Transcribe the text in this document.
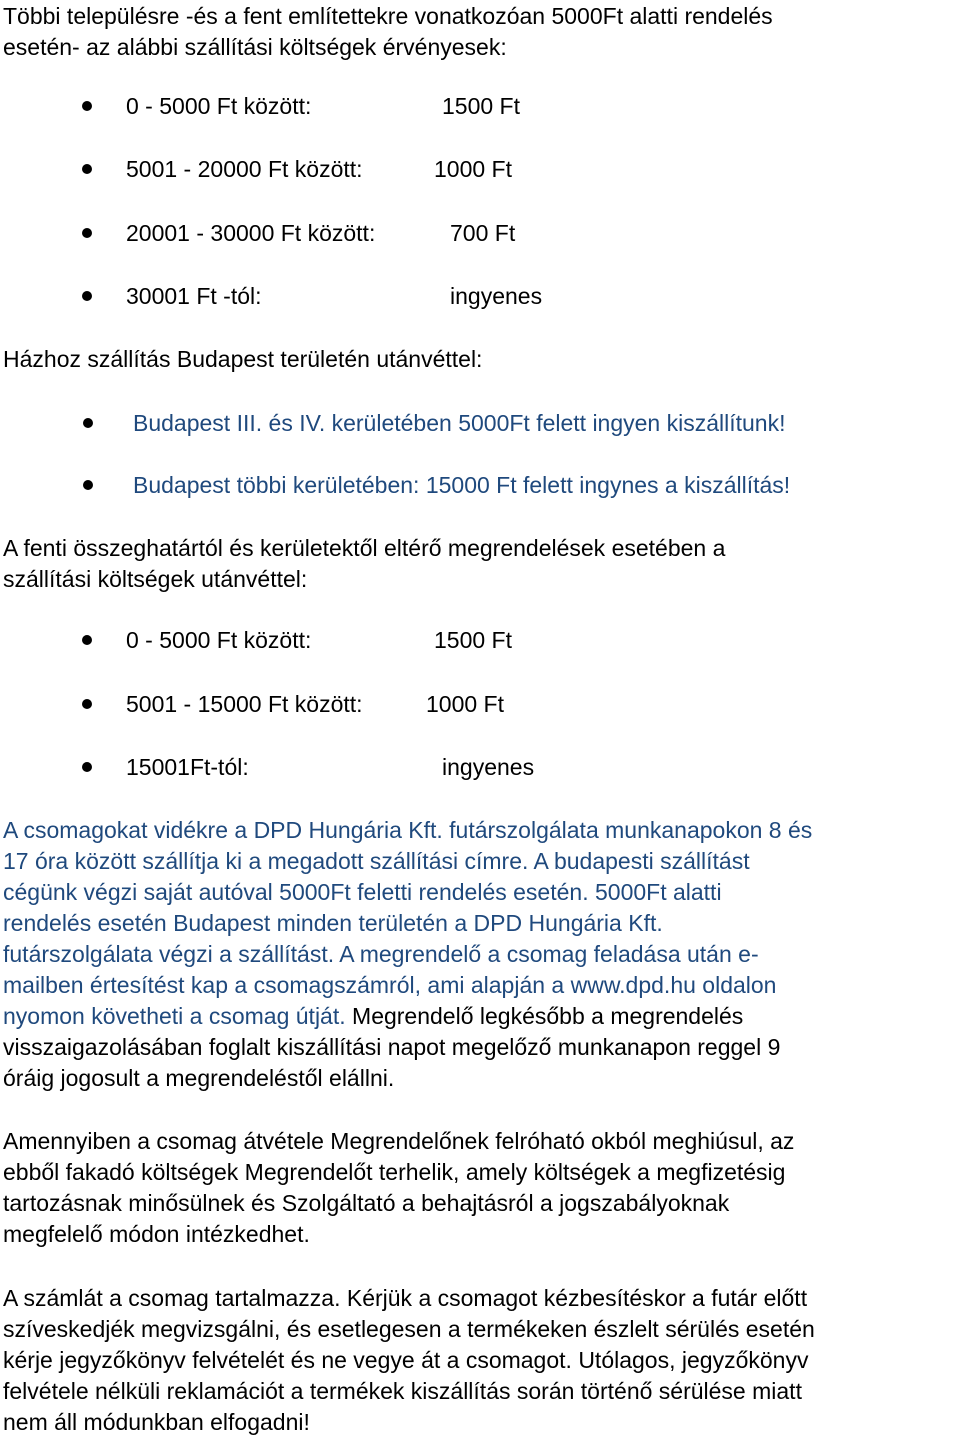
Többi településre -és a fent említettekre vonatkozóan 5000Ft alatti rendelés
esetén- az alábbi szállítási költségek érvényesek:

0 - 5000 Ft között:	1500 Ft
5001 - 20000 Ft között:	1000 Ft
20001 - 30000 Ft között:	700 Ft
30001 Ft -tól:	ingyenes

Házhoz szállítás Budapest területén utánvéttel:

Budapest III. és IV. kerületében 5000Ft felett ingyen kiszállítunk!
Budapest többi kerületében: 15000 Ft felett ingynes a kiszállítás!

A fenti összeghatártól és kerületektől eltérő megrendelések esetében a
szállítási költségek utánvéttel:

0 - 5000 Ft között:	1500 Ft
5001 - 15000 Ft között:	1000 Ft
15001Ft-tól:	ingyenes

A csomagokat vidékre a DPD Hungária Kft. futárszolgálata munkanapokon 8 és
17 óra között szállítja ki a megadott szállítási címre. A budapesti szállítást
cégünk végzi saját autóval 5000Ft feletti rendelés esetén. 5000Ft alatti
rendelés esetén Budapest minden területén a DPD Hungária Kft.
futárszolgálata végzi a szállítást. A megrendelő a csomag feladása után e-
mailben értesítést kap a csomagszámról, ami alapján a www.dpd.hu oldalon
nyomon követheti a csomag útját. Megrendelő legkésőbb a megrendelés
visszaigazolásában foglalt kiszállítási napot megelőző munkanapon reggel 9
óráig jogosult a megrendeléstől elállni.

Amennyiben a csomag átvétele Megrendelőnek felróható okból meghiúsul, az
ebből fakadó költségek Megrendelőt terhelik, amely költségek a megfizetésig
tartozásnak minősülnek és Szolgáltató a behajtásról a jogszabályoknak
megfelelő módon intézkedhet.

A számlát a csomag tartalmazza. Kérjük a csomagot kézbesítéskor a futár előtt
szíveskedjék megvizsgálni, és esetlegesen a termékeken észlelt sérülés esetén
kérje jegyzőkönyv felvételét és ne vegye át a csomagot. Utólagos, jegyzőkönyv
felvétele nélküli reklamációt a termékek kiszállítás során történő sérülése miatt
nem áll módunkban elfogadni!
